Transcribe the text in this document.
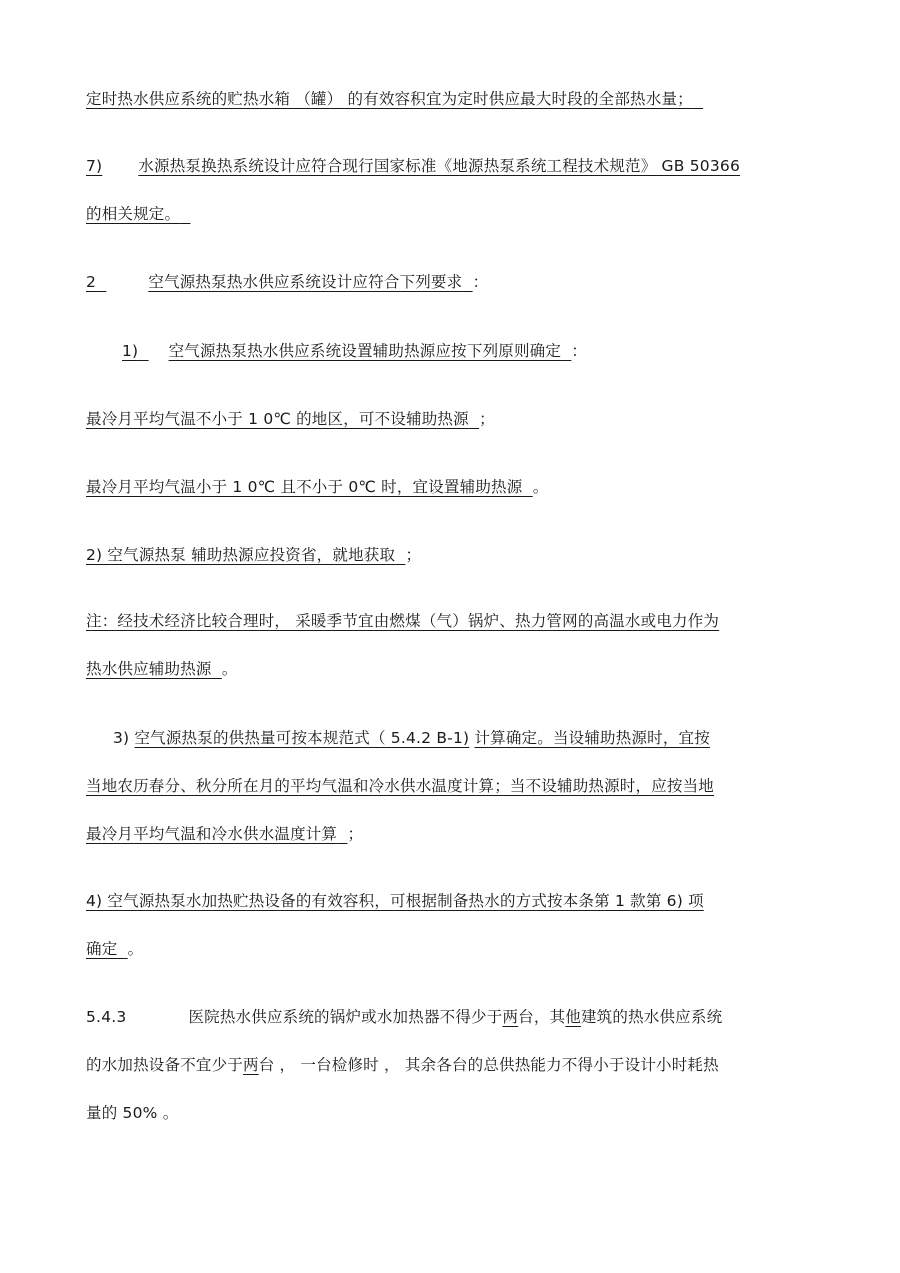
定时热水供应系统的贮热水箱 （罐） 的有效容积宜为定时供应最大时段的全部热水量；
7) 水源热泵换热系统设计应符合现行国家标准《地源热泵系统工程技术规范》 GB 50366
的相关规定。
2	空气源热泵热水供应系统设计应符合下列要求 ：
1) 空气源热泵热水供应系统设置辅助热源应按下列原则确定 ：
最冷月平均气温不小于 1 0℃ 的地区，可不设辅助热源 ；
最冷月平均气温小于 1 0℃ 且不小于 0℃ 时，宜设置辅助热源 。
2) 空气源热泵 辅助热源应投资省，就地获取 ；
注：经技术经济比较合理时， 采暖季节宜由燃煤（气）锅炉、热力管网的高温水或电力作为
热水供应辅助热源 。
3) 空气源热泵的供热量可按本规范式（ 5.4.2 B-1) 计算确定。当设辅助热源时，宜按
当地农历春分、秋分所在月的平均气温和冷水供水温度计算；当不设辅助热源时，应按当地
最冷月平均气温和冷水供水温度计算 ；
4) 空气源热泵水加热贮热设备的有效容积，可根据制备热水的方式按本条第 1 款第 6) 项
确定 。
5.4.3	医院热水供应系统的锅炉或水加热器不得少于两台，其他建筑的热水供应系统
的水加热设备不宜少于两台 ， 一台检修时 ， 其余各台的总供热能力不得小于设计小时耗热
量的 50% 。
